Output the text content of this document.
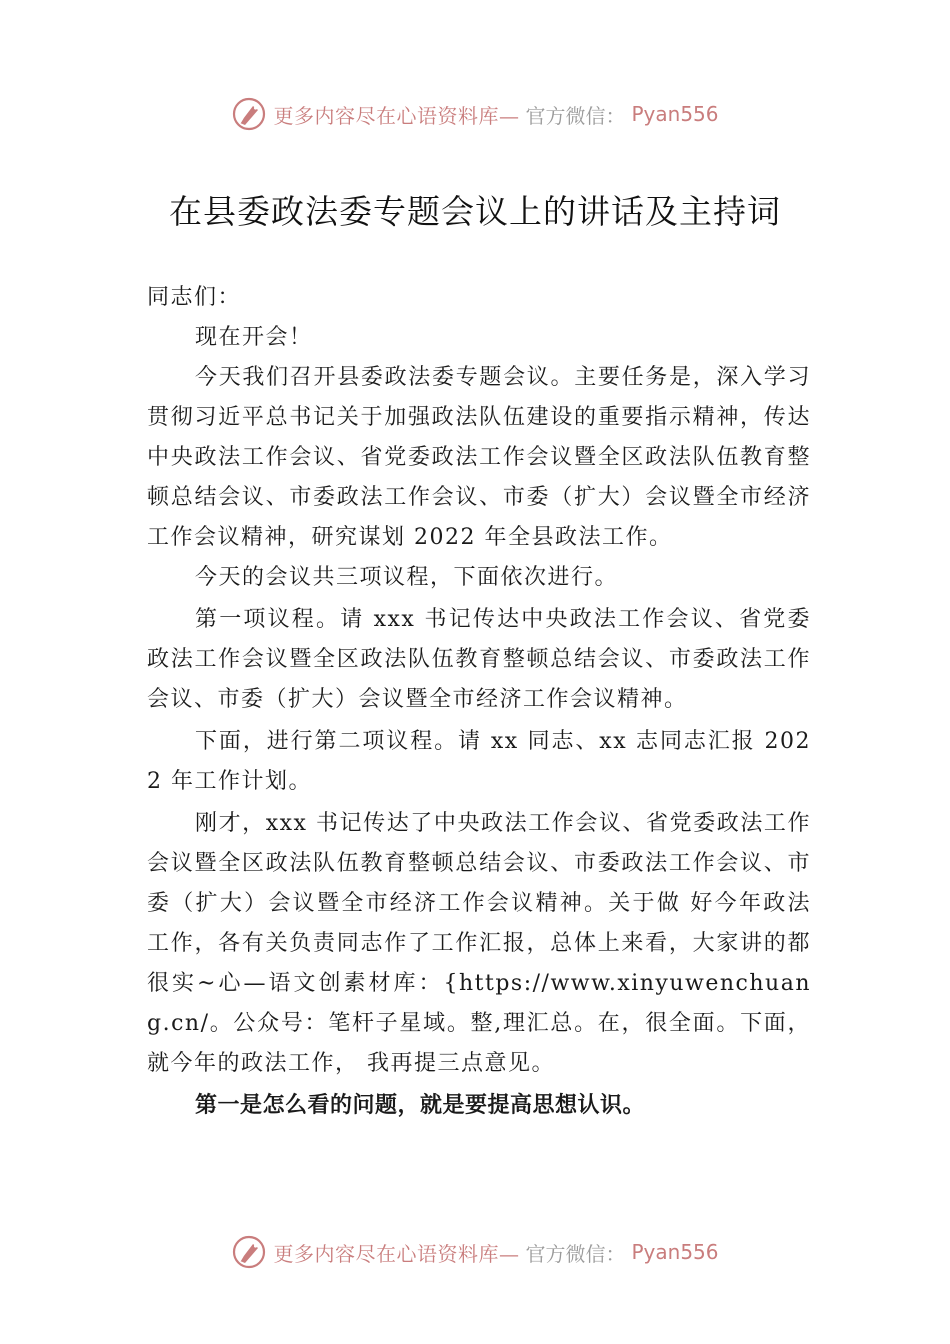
更多内容尽在心语资料库— 官方微信： Pyan556
在县委政法委专题会议上的讲话及主持词

同志们：

现在开会！

今天我们召开县委政法委专题会议。主要任务是，深入学习贯彻习近平总书记关于加强政法队伍建设的重要指示精神，传达中央政法工作会议、省党委政法工作会议暨全区政法队伍教育整顿总结会议、市委政法工作会议、市委（扩大）会议暨全市经济工作会议精神，研究谋划 2022 年全县政法工作。

今天的会议共三项议程，下面依次进行。

第一项议程。请 xxx 书记传达中央政法工作会议、省党委政法工作会议暨全区政法队伍教育整顿总结会议、市委政法工作会议、市委（扩大）会议暨全市经济工作会议精神。

下面，进行第二项议程。请 xx 同志、xx 志同志汇报 2022 年工作计划。

刚才，xxx 书记传达了中央政法工作会议、省党委政法工作会议暨全区政法队伍教育整顿总结会议、市委政法工作会议、市委（扩大）会议暨全市经济工作会议精神。关于做 好今年政法工作，各有关负责同志作了工作汇报，总体上来看，大家讲的都很实~心—语文创素材库：{https://www.xinyuwenchuang.cn/。公众号：笔杆子星域。整,理汇总。在，很全面。下面，就今年的政法工作， 我再提三点意见。

第一是怎么看的问题，就是要提高思想认识。

更多内容尽在心语资料库— 官方微信： Pyan556
